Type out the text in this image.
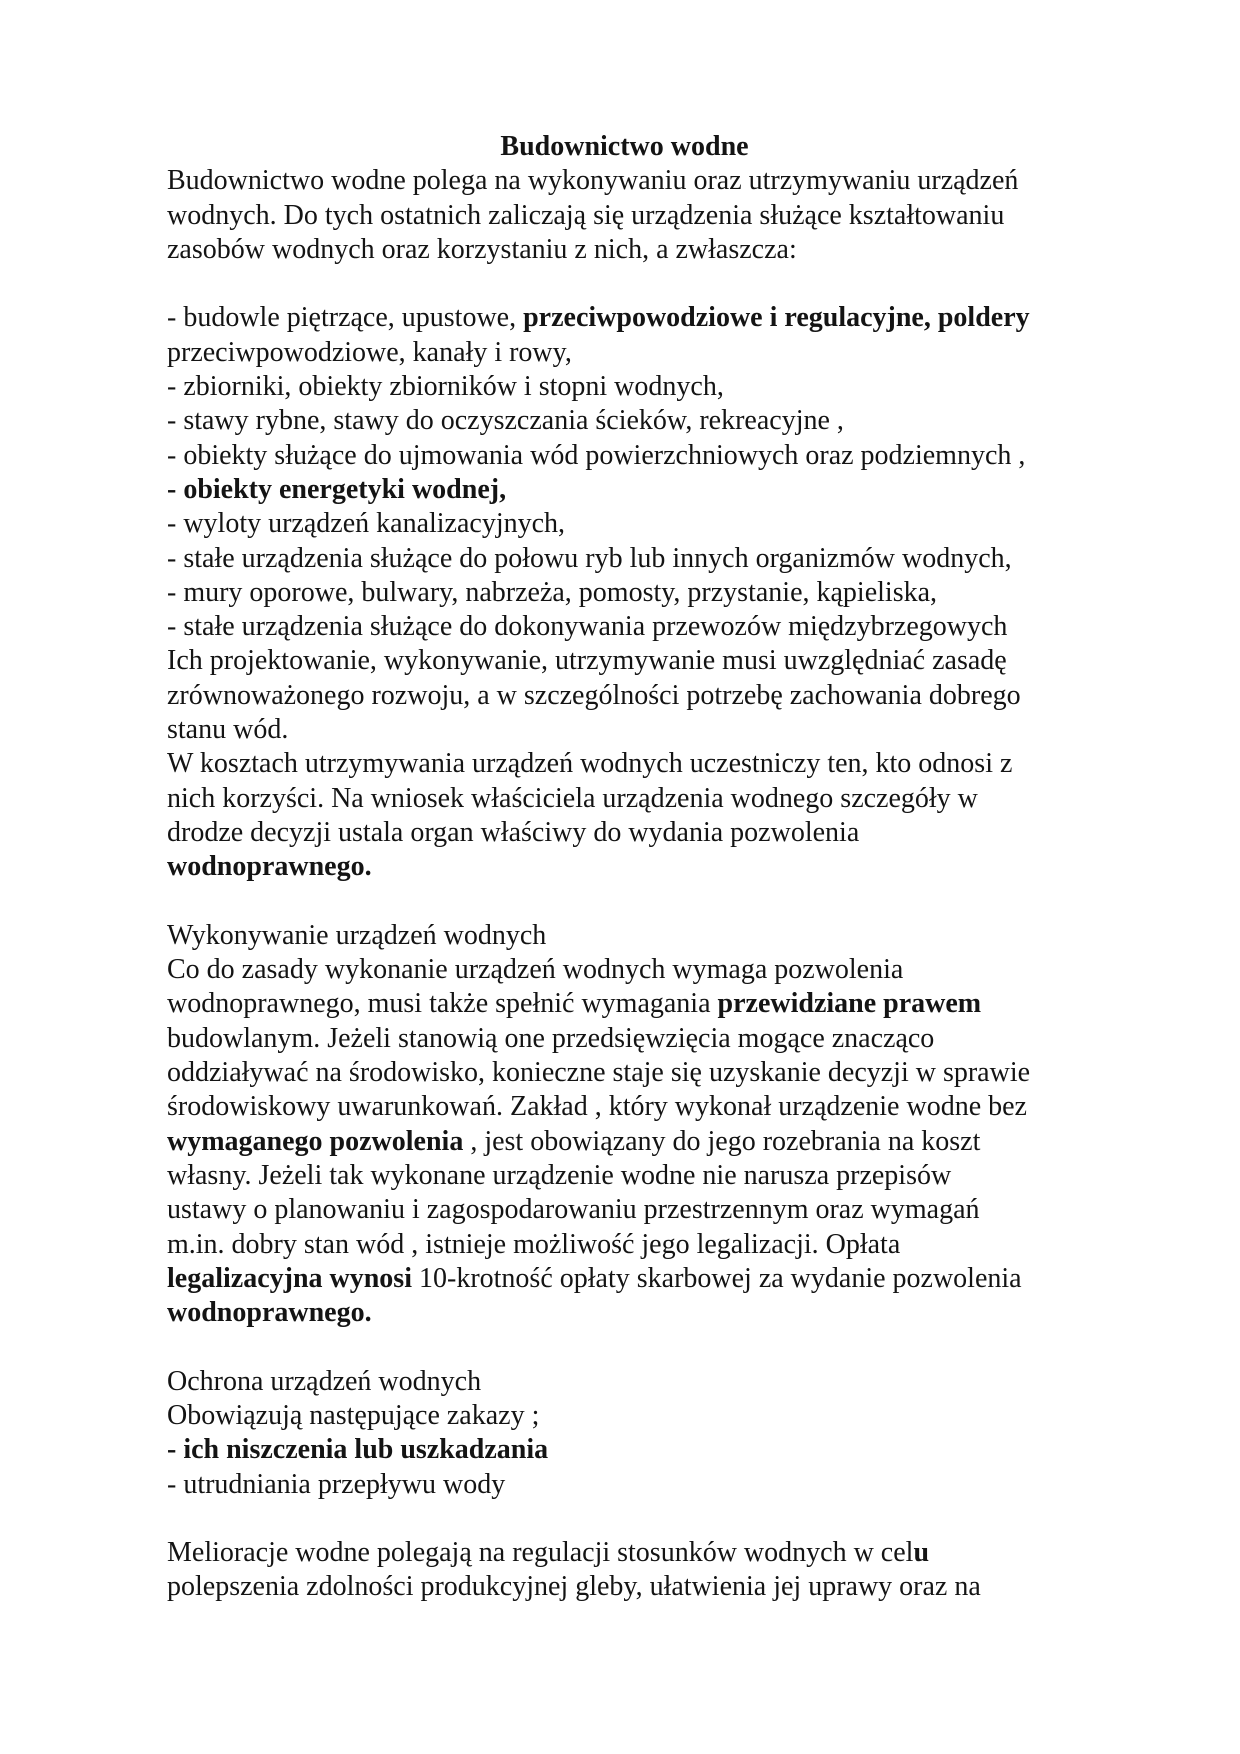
Budownictwo wodne
Budownictwo wodne polega na wykonywaniu oraz utrzymywaniu urządzeń
wodnych. Do tych ostatnich zaliczają się urządzenia służące kształtowaniu
zasobów wodnych oraz korzystaniu z nich, a zwłaszcza:

- budowle piętrzące, upustowe, przeciwpowodziowe i regulacyjne, poldery
przeciwpowodziowe, kanały i rowy,
- zbiorniki, obiekty zbiorników i stopni wodnych,
- stawy rybne, stawy do oczyszczania ścieków, rekreacyjne ,
- obiekty służące do ujmowania wód powierzchniowych oraz podziemnych ,
- obiekty energetyki wodnej,
- wyloty urządzeń kanalizacyjnych,
- stałe urządzenia służące do połowu ryb lub innych organizmów wodnych,
- mury oporowe, bulwary, nabrzeża, pomosty, przystanie, kąpieliska,
- stałe urządzenia służące do dokonywania przewozów międzybrzegowych
Ich projektowanie, wykonywanie, utrzymywanie musi uwzględniać zasadę
zrównoważonego rozwoju, a w szczególności potrzebę zachowania dobrego
stanu wód.
W kosztach utrzymywania urządzeń wodnych uczestniczy ten, kto odnosi z
nich korzyści. Na wniosek właściciela urządzenia wodnego szczegóły w
drodze decyzji ustala organ właściwy do wydania pozwolenia
wodnoprawnego.

Wykonywanie urządzeń wodnych
Co do zasady wykonanie urządzeń wodnych wymaga pozwolenia
wodnoprawnego, musi także spełnić wymagania przewidziane prawem
budowlanym. Jeżeli stanowią one przedsięwzięcia mogące znacząco
oddziaływać na środowisko, konieczne staje się uzyskanie decyzji w sprawie
środowiskowy uwarunkowań. Zakład , który wykonał urządzenie wodne bez
wymaganego pozwolenia , jest obowiązany do jego rozebrania na koszt
własny. Jeżeli tak wykonane urządzenie wodne nie narusza przepisów
ustawy o planowaniu i zagospodarowaniu przestrzennym oraz wymagań
m.in. dobry stan wód , istnieje możliwość jego legalizacji. Opłata
legalizacyjna wynosi 10-krotność opłaty skarbowej za wydanie pozwolenia
wodnoprawnego.

Ochrona urządzeń wodnych
Obowiązują następujące zakazy ;
- ich niszczenia lub uszkadzania
- utrudniania przepływu wody

Melioracje wodne polegają na regulacji stosunków wodnych w celu
polepszenia zdolności produkcyjnej gleby, ułatwienia jej uprawy oraz na
